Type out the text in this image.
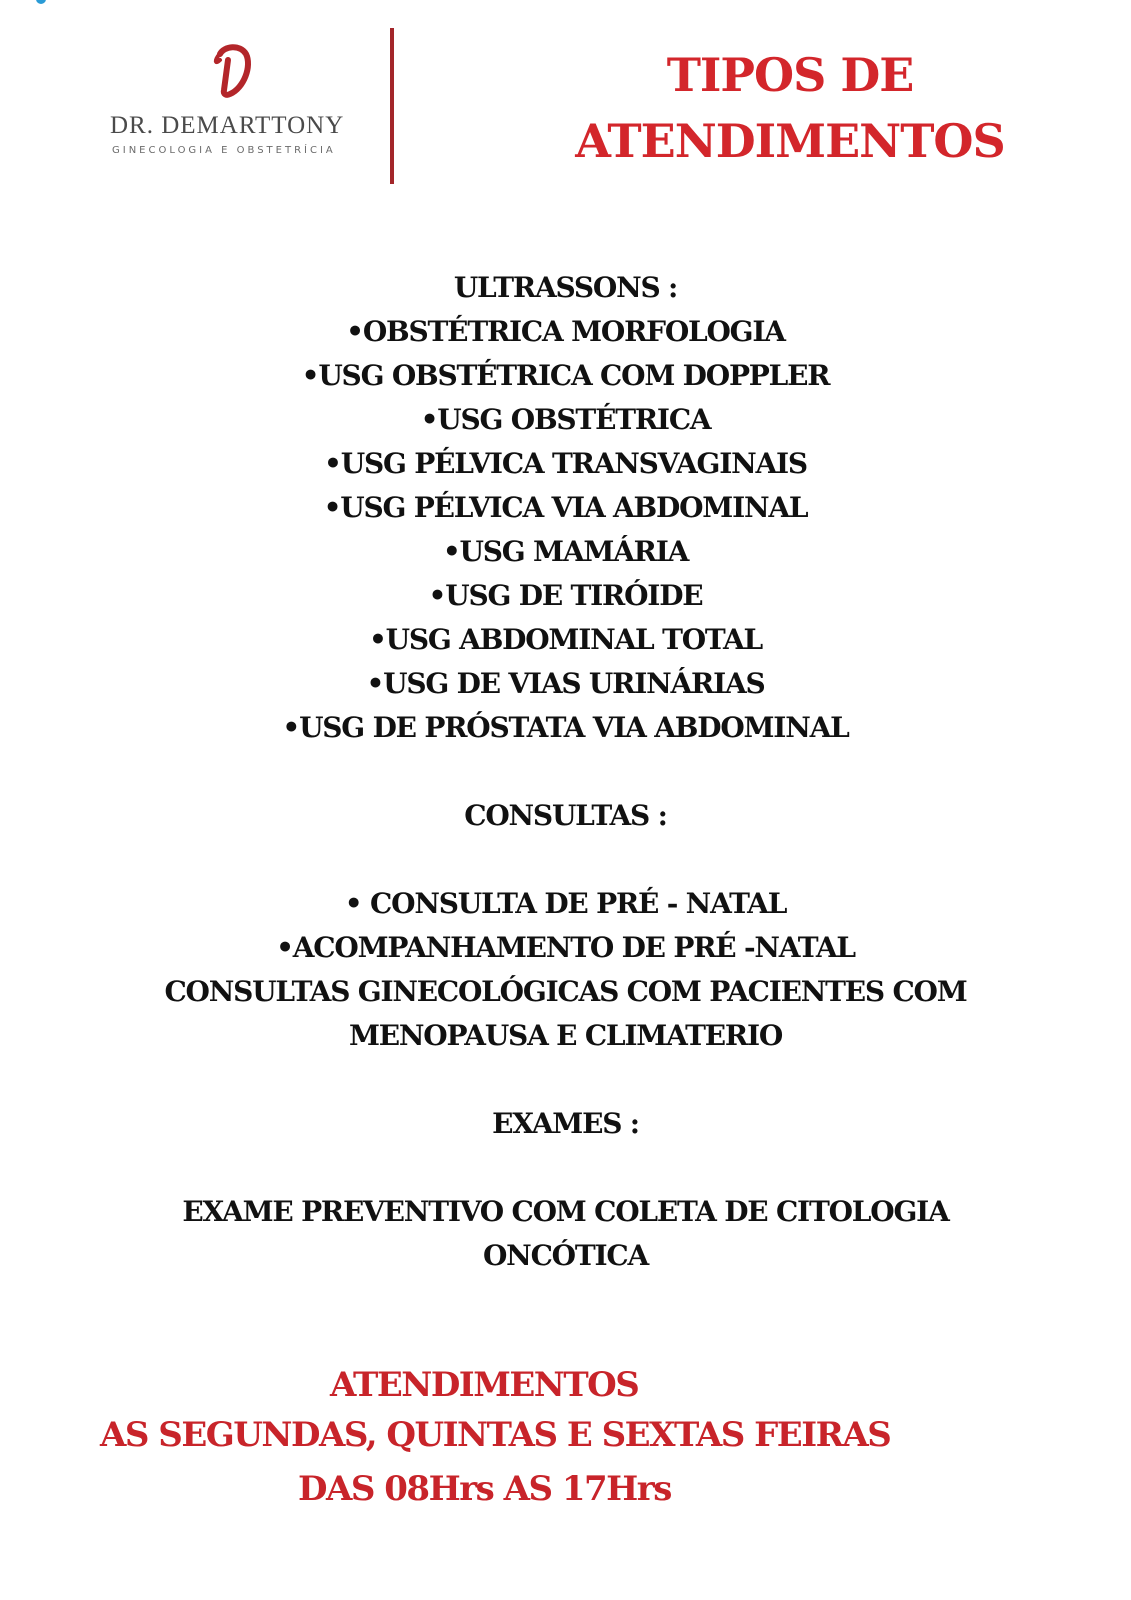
DR. DEMARTTONY
GINECOLOGIA E OBSTETRÍCIA
TIPOS DE
ATENDIMENTOS
ULTRASSONS :
•OBSTÉTRICA MORFOLOGIA
•USG OBSTÉTRICA COM DOPPLER
•USG OBSTÉTRICA
•USG PÉLVICA TRANSVAGINAIS
•USG PÉLVICA VIA ABDOMINAL
•USG MAMÁRIA
•USG DE TIRÓIDE
•USG ABDOMINAL TOTAL
•USG DE VIAS URINÁRIAS
•USG DE PRÓSTATA VIA ABDOMINAL
CONSULTAS :
• CONSULTA DE PRÉ - NATAL
•ACOMPANHAMENTO DE PRÉ -NATAL
CONSULTAS GINECOLÓGICAS COM PACIENTES COM
MENOPAUSA E CLIMATERIO
EXAMES :
EXAME PREVENTIVO COM COLETA DE CITOLOGIA
ONCÓTICA
ATENDIMENTOS
AS SEGUNDAS, QUINTAS E SEXTAS FEIRAS
DAS 08Hrs AS 17Hrs
